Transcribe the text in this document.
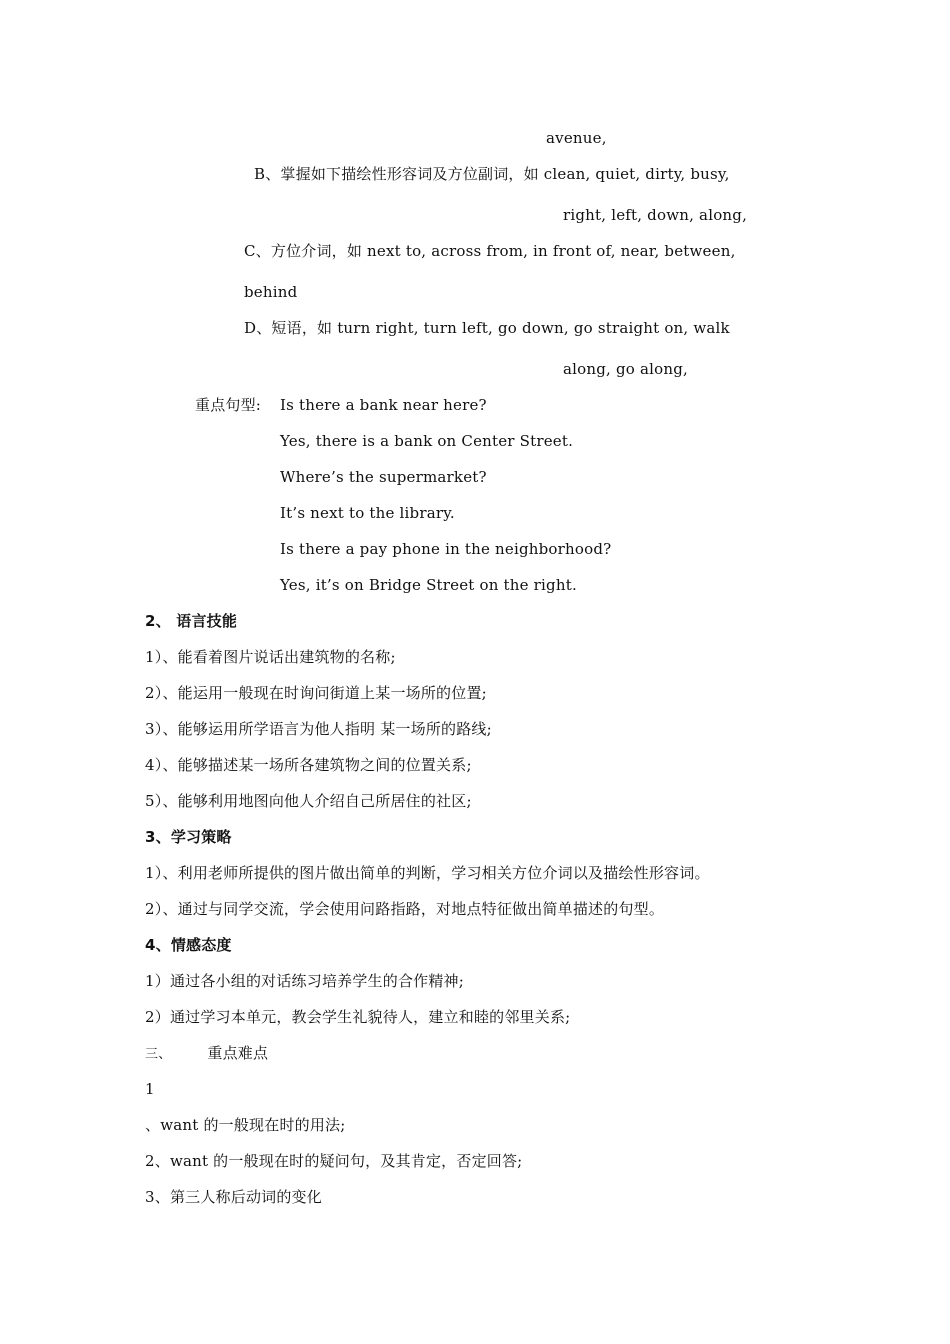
avenue,
B、掌握如下描绘性形容词及方位副词，如 clean, quiet, dirty, busy,
right, left, down, along,
C、方位介词，如 next to, across from, in front of, near, between,
behind
D、短语，如 turn right, turn left, go down, go straight on, walk
along, go along,
重点句型: Is there a bank near here?
Yes, there is a bank on Center Street.
Where’s the supermarket?
It’s next to the library.
Is there a pay phone in the neighborhood?
Yes, it’s on Bridge Street on the right.
2、 语言技能
1）、能看着图片说话出建筑物的名称;
2）、能运用一般现在时询问街道上某一场所的位置;
3）、能够运用所学语言为他人指明 某一场所的路线;
4）、能够描述某一场所各建筑物之间的位置关系;
5）、能够利用地图向他人介绍自己所居住的社区;
3、学习策略
1）、利用老师所提供的图片做出简单的判断，学习相关方位介词以及描绘性形容词。
2）、通过与同学交流，学会使用问路指路，对地点特征做出简单描述的句型。
4、情感态度
1）通过各小组的对话练习培养学生的合作精神;
2）通过学习本单元，教会学生礼貌待人，建立和睦的邻里关系;
三、 重点难点
1
、want 的一般现在时的用法;
2、want 的一般现在时的疑问句，及其肯定，否定回答;
3、第三人称后动词的变化
